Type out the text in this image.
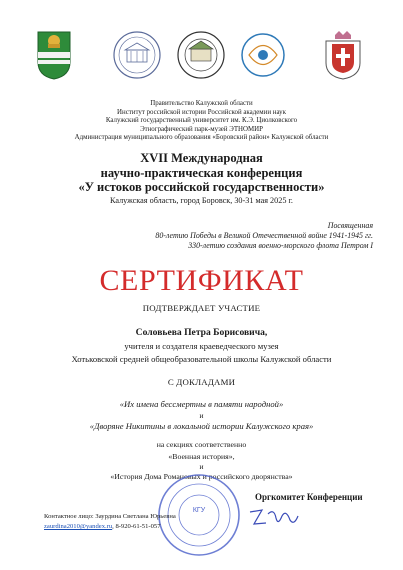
Правительство Калужской области
Институт российской истории Российской академии наук
Калужский государственный университет им. К.Э. Циолковского
Этнографический парк-музей ЭТНОМИР
Администрация муниципального образования «Боровский район» Калужской области
XVII Международная
научно-практическая конференция
«У истоков российской государственности»
Калужская область, город Боровск, 30-31 мая 2025 г.
Посвященная
80-летию Победы в Великой Отечественной войне 1941-1945 гг.
330-летию создания военно-морского флота Петром I
СЕРТИФИКАТ
ПОДТВЕРЖДАЕТ УЧАСТИЕ
Соловьева Петра Борисовича,
учителя и создателя краеведческого музея
Хотьковской средней общеобразовательной школы Калужской области
С ДОКЛАДАМИ
«Их имена бессмертны в памяти народной»
и
«Дворяне Никитины в локальной истории Калужского края»
на секциях соответственно
«Военная история»,
и
«История Дома Романовых и российского дворянства»
КГУ
Оргкомитет Конференции
Контактное лицо: Заурдина Светлана Юрьевна
zaurdina2010@yandex.ru, 8-920-61-51-057
